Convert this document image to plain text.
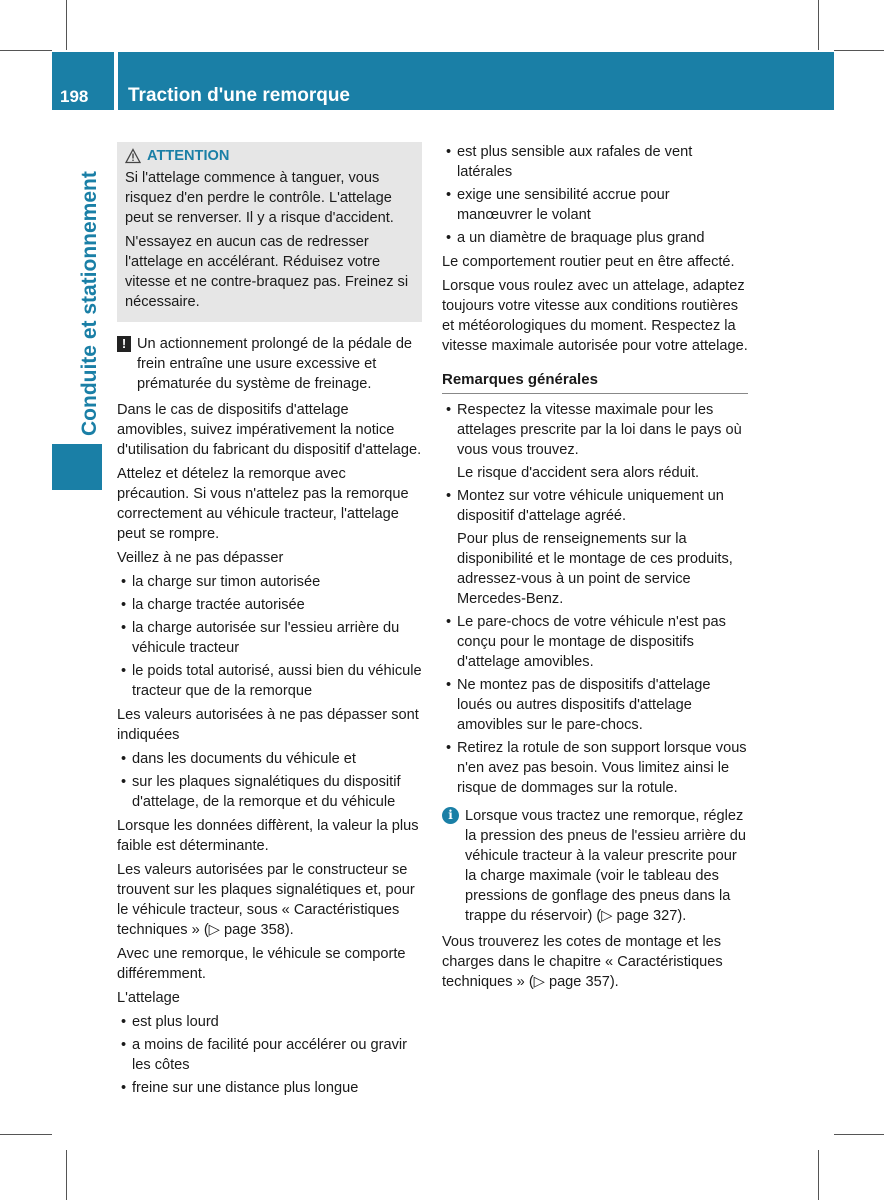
198 Traction d'une remorque
Conduite et stationnement
ATTENTION

Si l'attelage commence à tanguer, vous risquez d'en perdre le contrôle. L'attelage peut se renverser. Il y a risque d'accident.

N'essayez en aucun cas de redresser l'attelage en accélérant. Réduisez votre vitesse et ne contre-braquez pas. Freinez si nécessaire.

! Un actionnement prolongé de la pédale de frein entraîne une usure excessive et prématurée du système de freinage.

Dans le cas de dispositifs d'attelage amovibles, suivez impérativement la notice d'utilisation du fabricant du dispositif d'attelage.

Attelez et dételez la remorque avec précaution. Si vous n'attelez pas la remorque correctement au véhicule tracteur, l'attelage peut se rompre.

Veillez à ne pas dépasser

• la charge sur timon autorisée
• la charge tractée autorisée
• la charge autorisée sur l'essieu arrière du véhicule tracteur
• le poids total autorisé, aussi bien du véhicule tracteur que de la remorque

Les valeurs autorisées à ne pas dépasser sont indiquées

• dans les documents du véhicule et
• sur les plaques signalétiques du dispositif d'attelage, de la remorque et du véhicule

Lorsque les données diffèrent, la valeur la plus faible est déterminante.

Les valeurs autorisées par le constructeur se trouvent sur les plaques signalétiques et, pour le véhicule tracteur, sous « Caractéristiques techniques » (▷ page 358).

Avec une remorque, le véhicule se comporte différemment.

L'attelage

• est plus lourd
• a moins de facilité pour accélérer ou gravir les côtes
• freine sur une distance plus longue
• est plus sensible aux rafales de vent latérales
• exige une sensibilité accrue pour manœuvrer le volant
• a un diamètre de braquage plus grand

Le comportement routier peut en être affecté.

Lorsque vous roulez avec un attelage, adaptez toujours votre vitesse aux conditions routières et météorologiques du moment. Respectez la vitesse maximale autorisée pour votre attelage.

Remarques générales
• Respectez la vitesse maximale pour les attelages prescrite par la loi dans le pays où vous vous trouvez.
Le risque d'accident sera alors réduit.
• Montez sur votre véhicule uniquement un dispositif d'attelage agréé.
Pour plus de renseignements sur la disponibilité et le montage de ces produits, adressez-vous à un point de service Mercedes-Benz.
• Le pare-chocs de votre véhicule n'est pas conçu pour le montage de dispositifs d'attelage amovibles.
• Ne montez pas de dispositifs d'attelage loués ou autres dispositifs d'attelage amovibles sur le pare-chocs.
• Retirez la rotule de son support lorsque vous n'en avez pas besoin. Vous limitez ainsi le risque de dommages sur la rotule.
i Lorsque vous tractez une remorque, réglez la pression des pneus de l'essieu arrière du véhicule tracteur à la valeur prescrite pour la charge maximale (voir le tableau des pressions de gonflage des pneus dans la trappe du réservoir) (▷ page 327).

Vous trouverez les cotes de montage et les charges dans le chapitre « Caractéristiques techniques » (▷ page 357).
